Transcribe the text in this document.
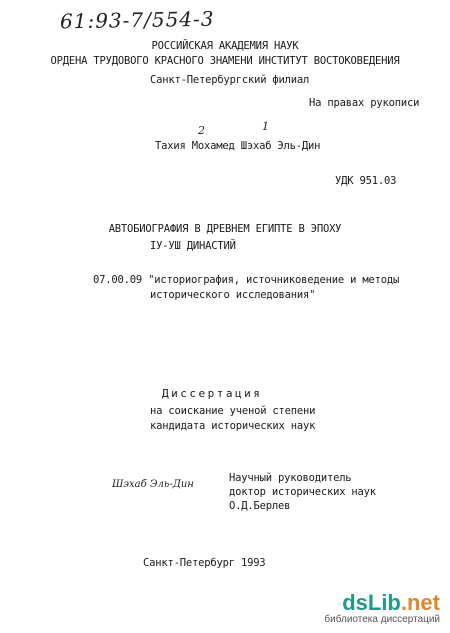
61:93-7/554-3
РОССИЙСКАЯ АКАДЕМИЯ НАУК
ОРДЕНА ТРУДОВОГО КРАСНОГО ЗНАМЕНИ ИНСТИТУТ ВОСТОКОВЕДЕНИЯ
Санкт-Петербургский филиал
На правах рукописи
2	1
Тахия Мохамед Шэхаб Эль-Дин
УДК 951.03
АВТОБИОГРАФИЯ В ДРЕВНЕМ ЕГИПТЕ В ЭПОХУ
IУ-УШ ДИНАСТИЙ
07.00.09 "историография, источниковедение и методы
исторического исследования"
Диссертация
на соискание ученой степени
кандидата исторических наук
Шэхаб Эль-Дин
Научный руководитель
доктор исторических наук
О.Д.Берлев
Санкт-Петербург 1993
dsLib.net
библиотека диссертаций
